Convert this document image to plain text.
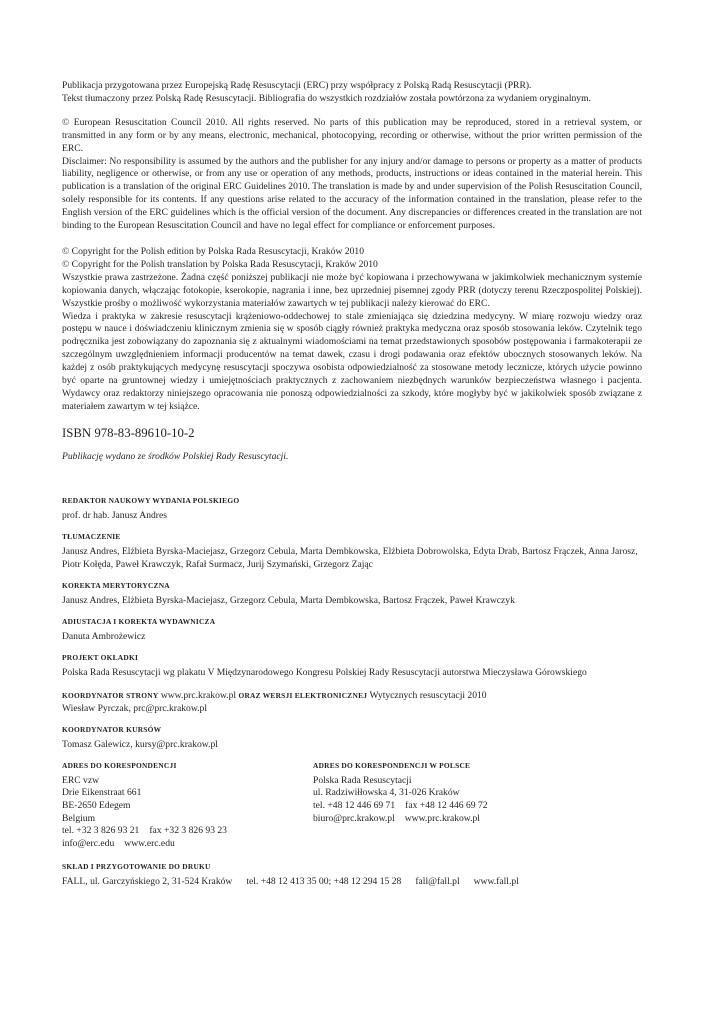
Publikacja przygotowana przez Europejską Radę Resuscytacji (ERC) przy współpracy z Polską Radą Resuscytacji (PRR).

Tekst tłumaczony przez Polską Radę Resuscytacji. Bibliografia do wszystkich rozdziałów została powtórzona za wydaniem oryginalnym.

© European Resuscitation Council 2010. All rights reserved. No parts of this publication may be reproduced, stored in a retrieval system, or transmitted in any form or by any means, electronic, mechanical, photocopying, recording or otherwise, without the prior written permission of the ERC.

Disclaimer: No responsibility is assumed by the authors and the publisher for any injury and/or damage to persons or property as a matter of products liability, negligence or otherwise, or from any use or operation of any methods, products, instructions or ideas contained in the material herein. This publication is a translation of the original ERC Guidelines 2010. The translation is made by and under supervision of the Polish Resuscitation Council, solely responsible for its contents. If any questions arise related to the accuracy of the information contained in the translation, please refer to the English version of the ERC guidelines which is the official version of the document. Any discrepancies or differences created in the translation are not binding to the European Resuscitation Council and have no legal effect for compliance or enforcement purposes.

© Copyright for the Polish edition by Polska Rada Resuscytacji, Kraków 2010

© Copyright for the Polish translation by Polska Rada Resuscytacji, Kraków 2010

Wszystkie prawa zastrzeżone. Żadna część poniższej publikacji nie może być kopiowana i przechowywana w jakimkolwiek mechanicznym systemie kopiowania danych, włączając fotokopie, kserokopie, nagrania i inne, bez uprzedniej pisemnej zgody PRR (dotyczy terenu Rzeczpospolitej Polskiej). Wszystkie prośby o możliwość wykorzystania materiałów zawartych w tej publikacji należy kierować do ERC.

Wiedza i praktyka w zakresie resuscytacji krążeniowo-oddechowej to stale zmieniająca się dziedzina medycyny. W miarę rozwoju wiedzy oraz postępu w nauce i doświadczeniu klinicznym zmienia się w sposób ciągły również praktyka medyczna oraz sposób stosowania leków. Czytelnik tego podręcznika jest zobowiązany do zapoznania się z aktualnymi wiadomościami na temat przedstawionych sposobów postępowania i farmakoterapii ze szczególnym uwzględnieniem informacji producentów na temat dawek, czasu i drogi podawania oraz efektów ubocznych stosowanych leków. Na każdej z osób praktykujących medycynę resuscytacji spoczywa osobista odpowiedzialność za stosowane metody lecznicze, których użycie powinno być oparte na gruntownej wiedzy i umiejętnościach praktycznych z zachowaniem niezbędnych warunków bezpieczeństwa własnego i pacjenta. Wydawcy oraz redaktorzy niniejszego opracowania nie ponoszą odpowiedzialności za szkody, które mogłyby być w jakikolwiek sposób związane z materiałem zawartym w tej książce.

ISBN 978-83-89610-10-2

Publikację wydano ze środków Polskiej Rady Resuscytacji.

REDAKTOR NAUKOWY WYDANIA POLSKIEGO
prof. dr hab. Janusz Andres
TŁUMACZENIE
Janusz Andres, Elżbieta Byrska-Maciejasz, Grzegorz Cebula, Marta Dembkowska, Elżbieta Dobrowolska, Edyta Drab, Bartosz Frączek, Anna Jarosz, Piotr Kołęda, Paweł Krawczyk, Rafał Surmacz, Jurij Szymański, Grzegorz Zając
KOREKTA MERYTORYCZNA
Janusz Andres, Elżbieta Byrska-Maciejasz, Grzegorz Cebula, Marta Dembkowska, Bartosz Frączek, Paweł Krawczyk
ADIUSTACJA I KOREKTA WYDAWNICZA
Danuta Ambrożewicz
PROJEKT OKŁADKI
Polska Rada Resuscytacji wg plakatu V Międzynarodowego Kongresu Polskiej Rady Resuscytacji autorstwa Mieczysława Górowskiego
KOORDYNATOR STRONY www.prc.krakow.pl ORAZ WERSJI ELEKTRONICZNEJ Wytycznych resuscytacji 2010
Wiesław Pyrczak, prc@prc.krakow.pl
KOORDYNATOR KURSÓW
Tomasz Galewicz, kursy@prc.krakow.pl
ADRES DO KORESPONDENCJI
ERC vzw
Drie Eikenstraat 661
BE-2650 Edegem
Belgium
tel. +32 3 826 93 21 fax +32 3 826 93 23
info@erc.edu www.erc.edu
ADRES DO KORESPONDENCJI W POLSCE
Polska Rada Resuscytacji
ul. Radziwiłłowska 4, 31-026 Kraków
tel. +48 12 446 69 71 fax +48 12 446 69 72
biuro@prc.krakow.pl www.prc.krakow.pl
SKŁAD I PRZYGOTOWANIE DO DRUKU
FALL, ul. Garczyńskiego 2, 31-524 Kraków tel. +48 12 413 35 00; +48 12 294 15 28 fall@fall.pl www.fall.pl
